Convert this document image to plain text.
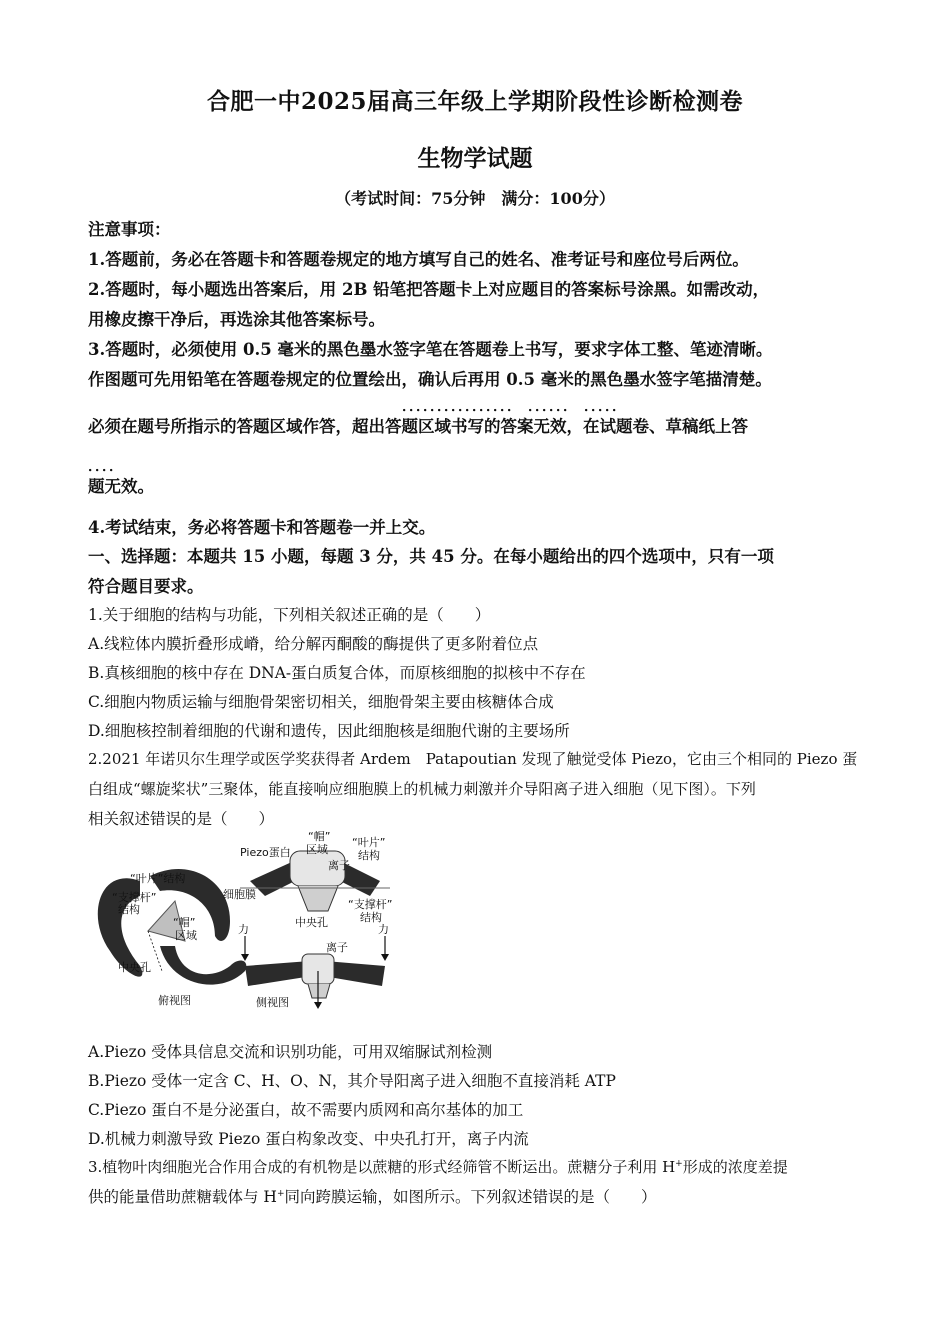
合肥一中2025届高三年级上学期阶段性诊断检测卷
生物学试题
（考试时间：75分钟　满分：100分）
注意事项：
1.答题前，务必在答题卡和答题卷规定的地方填写自己的姓名、准考证号和座位号后两位。
2.答题时，每小题选出答案后，用 2B 铅笔把答题卡上对应题目的答案标号涂黑。如需改动，
用橡皮擦干净后，再选涂其他答案标号。
3.答题时，必须使用 0.5 毫米的黑色墨水签字笔在答题卷上书写，要求字体工整、笔迹清晰。
作图题可先用铅笔在答题卷规定的位置绘出，确认后再用 0.5 毫米的黑色墨水签字笔描清楚。
．．．．．．．．．．．．．．．．　．．．．．．　．．．．．
必须在题号所指示的答题区域作答，超出答题区域书写的答案无效，在试题卷、草稿纸上答
．．．．
题无效。
4.考试结束，务必将答题卡和答题卷一并上交。
一、选择题：本题共 15 小题，每题 3 分，共 45 分。在每小题给出的四个选项中，只有一项
符合题目要求。
1.关于细胞的结构与功能，下列相关叙述正确的是（　　）
A.线粒体内膜折叠形成嵴，给分解丙酮酸的酶提供了更多附着位点
B.真核细胞的核中存在 DNA-蛋白质复合体，而原核细胞的拟核中不存在
C.细胞内物质运输与细胞骨架密切相关，细胞骨架主要由核糖体合成
D.细胞核控制着细胞的代谢和遗传，因此细胞核是细胞代谢的主要场所
2.2021 年诺贝尔生理学或医学奖获得者 Ardem　Patapoutian 发现了触觉受体 Piezo，它由三个相同的 Piezo 蛋
白组成“螺旋桨状”三聚体，能直接响应细胞膜上的机械力刺激并介导阳离子进入细胞（见下图）。下列
相关叙述错误的是（　　）
“叶片”结构
“支撑杆”
结构
“帽”
区域
中央孔
俯视图
Piezo蛋白
“帽”
区域
“叶片”
结构
离子
细胞膜
“支撑杆”
结构
中央孔
力	力
离子
侧视图
A.Piezo 受体具信息交流和识别功能，可用双缩脲试剂检测
B.Piezo 受体一定含 C、H、O、N，其介导阳离子进入细胞不直接消耗 ATP
C.Piezo 蛋白不是分泌蛋白，故不需要内质网和高尔基体的加工
D.机械力刺激导致 Piezo 蛋白构象改变、中央孔打开，离子内流
3.植物叶肉细胞光合作用合成的有机物是以蔗糖的形式经筛管不断运出。蔗糖分子利用 H+形成的浓度差提
供的能量借助蔗糖载体与 H+同向跨膜运输，如图所示。下列叙述错误的是（　　）
